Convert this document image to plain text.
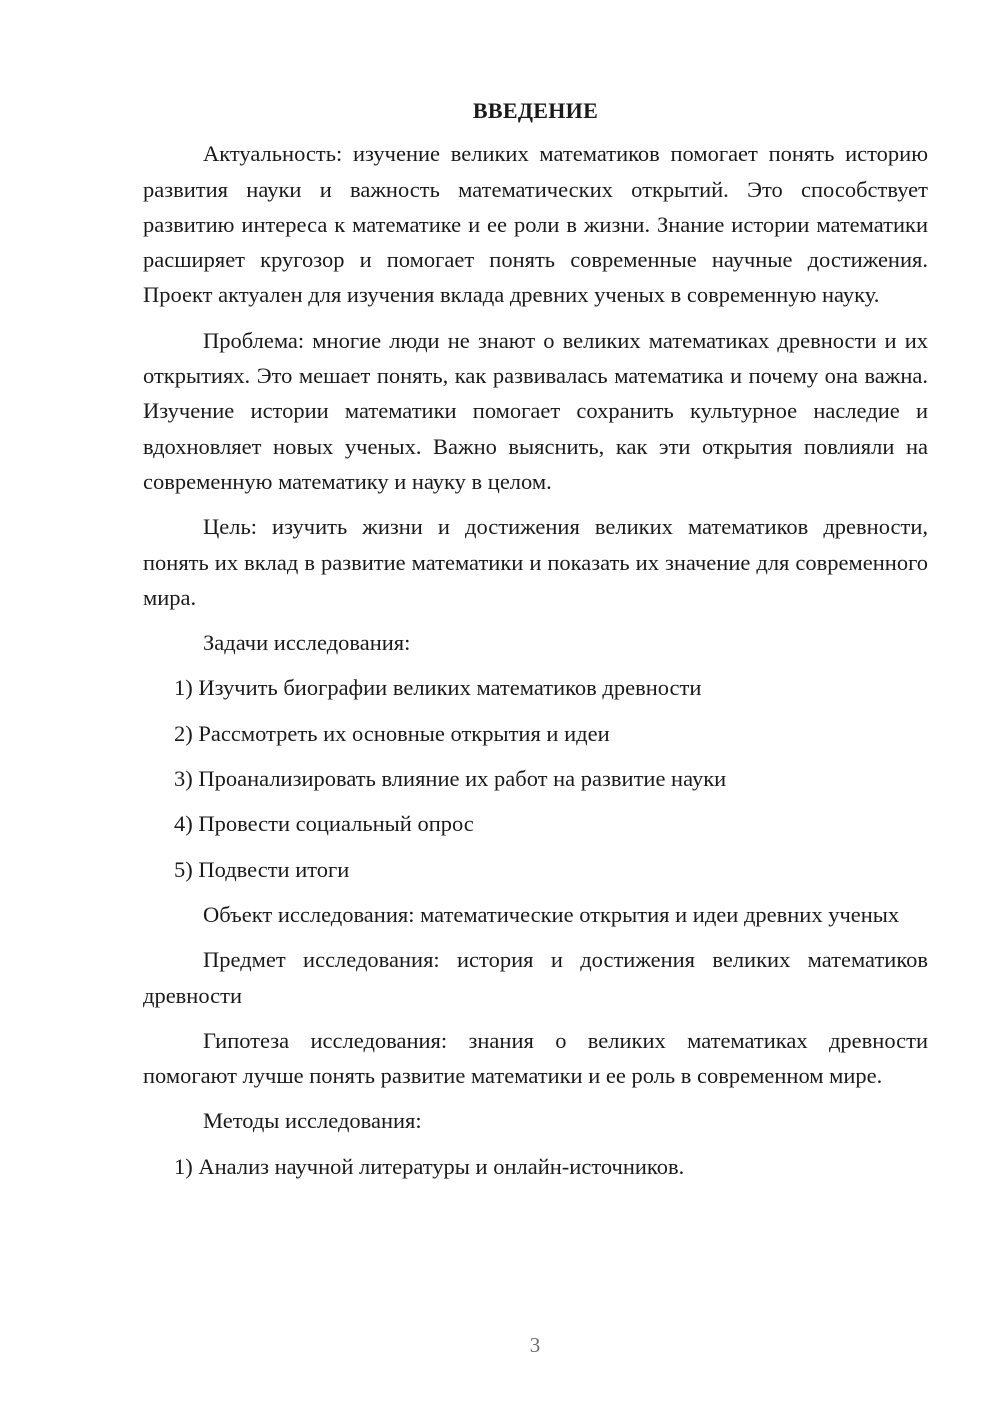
ВВЕДЕНИЕ

Актуальность: изучение великих математиков помогает понять историю развития науки и важность математических открытий. Это способствует развитию интереса к математике и ее роли в жизни. Знание истории математики расширяет кругозор и помогает понять современные научные достижения. Проект актуален для изучения вклада древних ученых в современную науку.

Проблема: многие люди не знают о великих математиках древности и их открытиях. Это мешает понять, как развивалась математика и почему она важна. Изучение истории математики помогает сохранить культурное наследие и вдохновляет новых ученых. Важно выяснить, как эти открытия повлияли на современную математику и науку в целом.

Цель: изучить жизни и достижения великих математиков древности, понять их вклад в развитие математики и показать их значение для современного мира.

Задачи исследования:
1) Изучить биографии великих математиков древности
2) Рассмотреть их основные открытия и идеи
3) Проанализировать влияние их работ на развитие науки
4) Провести социальный опрос
5) Подвести итоги

Объект исследования: математические открытия и идеи древних ученых

Предмет исследования: история и достижения великих математиков древности

Гипотеза исследования: знания о великих математиках древности помогают лучше понять развитие математики и ее роль в современном мире.

Методы исследования:
1) Анализ научной литературы и онлайн-источников.
3
